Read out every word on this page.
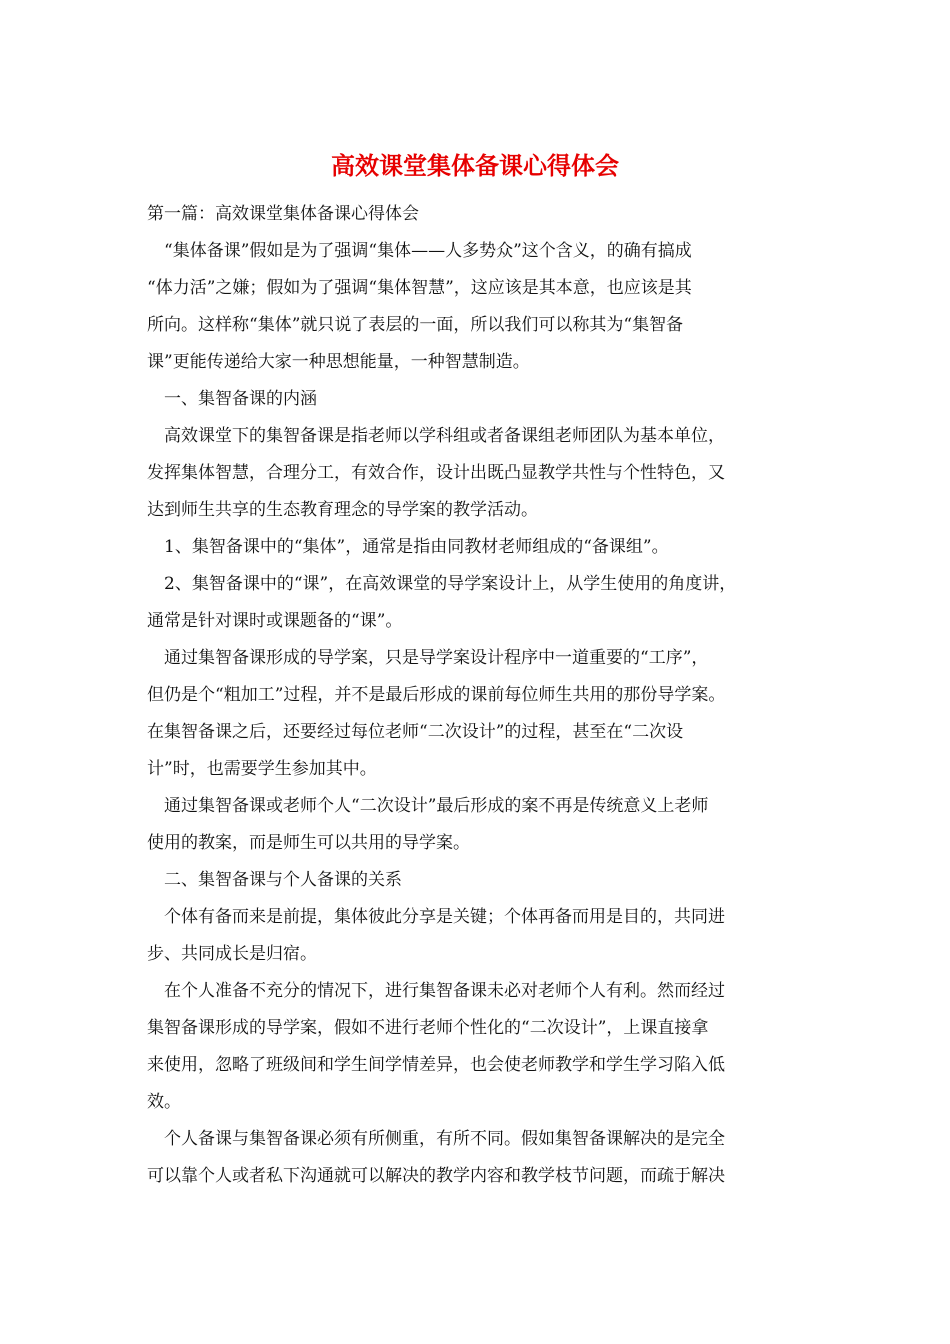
高效课堂集体备课心得体会

第一篇：高效课堂集体备课心得体会

“集体备课”假如是为了强调“集体——人多势众”这个含义，的确有搞成

“体力活”之嫌；假如为了强调“集体智慧”，这应该是其本意，也应该是其

所向。这样称“集体”就只说了表层的一面，所以我们可以称其为“集智备

课”更能传递给大家一种思想能量，一种智慧制造。

一、集智备课的内涵

高效课堂下的集智备课是指老师以学科组或者备课组老师团队为基本单位，

发挥集体智慧，合理分工，有效合作，设计出既凸显教学共性与个性特色，又

达到师生共享的生态教育理念的导学案的教学活动。

1、集智备课中的“集体”，通常是指由同教材老师组成的“备课组”。

2、集智备课中的“课”，在高效课堂的导学案设计上，从学生使用的角度讲，

通常是针对课时或课题备的“课”。

通过集智备课形成的导学案，只是导学案设计程序中一道重要的“工序”，

但仍是个“粗加工”过程，并不是最后形成的课前每位师生共用的那份导学案。

在集智备课之后，还要经过每位老师“二次设计”的过程，甚至在“二次设

计”时，也需要学生参加其中。

通过集智备课或老师个人“二次设计”最后形成的案不再是传统意义上老师

使用的教案，而是师生可以共用的导学案。

二、集智备课与个人备课的关系

个体有备而来是前提，集体彼此分享是关键；个体再备而用是目的，共同进

步、共同成长是归宿。

在个人准备不充分的情况下，进行集智备课未必对老师个人有利。然而经过

集智备课形成的导学案，假如不进行老师个性化的“二次设计”，上课直接拿

来使用，忽略了班级间和学生间学情差异，也会使老师教学和学生学习陷入低

效。

个人备课与集智备课必须有所侧重，有所不同。假如集智备课解决的是完全

可以靠个人或者私下沟通就可以解决的教学内容和教学枝节问题，而疏于解决
